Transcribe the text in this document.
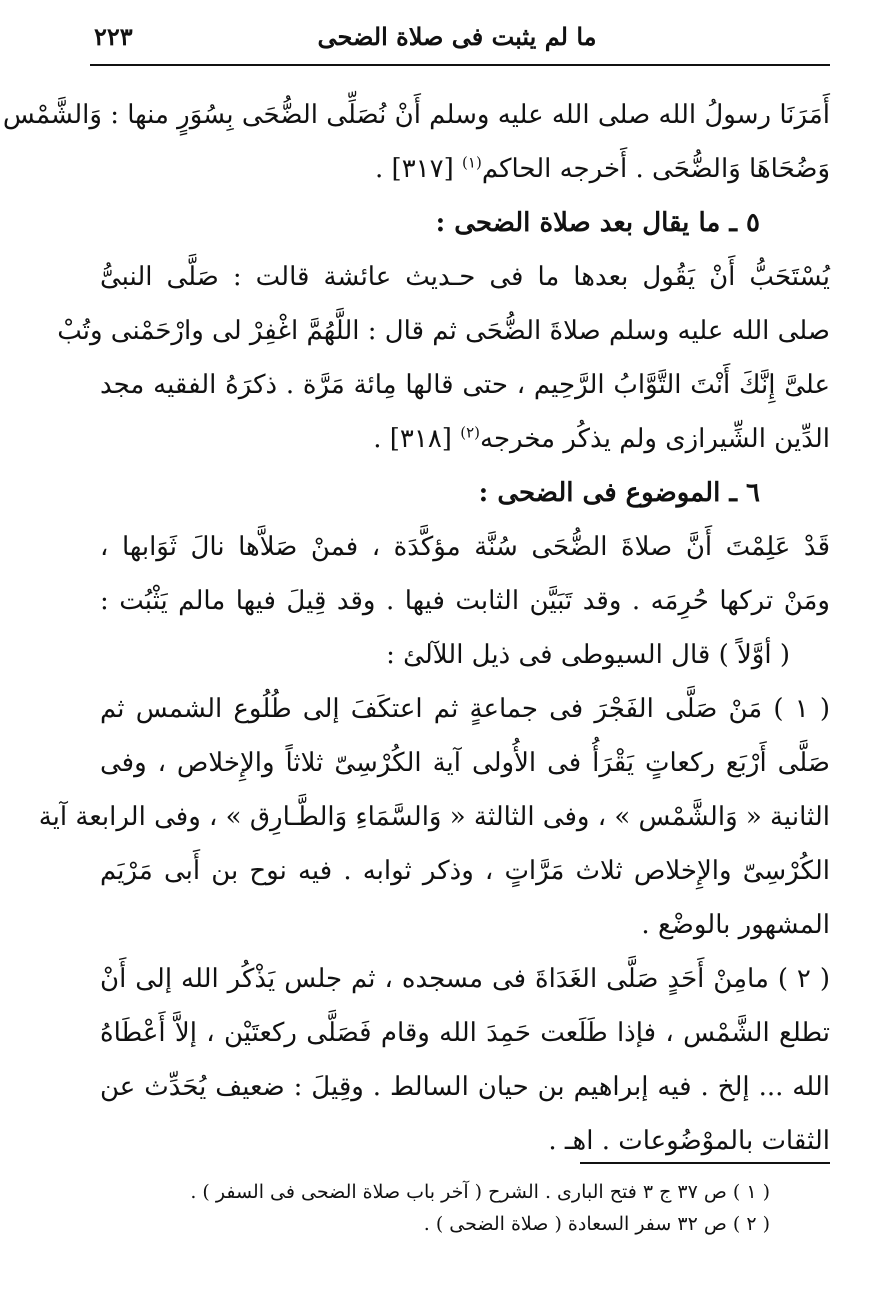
ما لم يثبت فى صلاة الضحى
٢٢٣
أَمَرَنَا رسولُ الله صلى الله عليه وسلم أَنْ نُصَلِّى الضُّحَى بِسُوَرٍ منها : وَالشَّمْس
وَضُحَاهَا وَالضُّحَى . أَخرجه الحاكم$^{(١)}$ [٣١٧] .
٥ ـ ما يقال بعد صلاة الضحى :
يُسْتَحَبُّ أَنْ يَقُول بعدها ما فى حـديث عائشة قالت : صَلَّى النبىُّ
صلى الله عليه وسلم صلاةَ الضُّحَى ثم قال : اللَّهُمَّ اغْفِرْ لى وارْحَمْنى وتُبْ
علىَّ إِنَّكَ أَنْتَ التَّوَّابُ الرَّحِيم ، حتى قالها مِائة مَرَّة . ذكرَهُ الفقيه مجد
الدِّين الشِّيرازى ولم يذكُر مخرجه$^{(٢)}$ [٣١٨] .
٦ ـ الموضوع فى الضحى :
قَدْ عَلِمْتَ أَنَّ صلاةَ الضُّحَى سُنَّة مؤكَّدَة ، فمنْ صَلاَّها نالَ ثَوَابها ،
ومَنْ تركها حُرِمَه . وقد تَبَيَّن الثابت فيها . وقد قِيلَ فيها مالم يَثْبُت :
( أوَّلاً ) قال السيوطى فى ذيل اللآلئ :
( ١ ) مَنْ صَلَّى الفَجْرَ فى جماعةٍ ثم اعتكَفَ إلى طُلُوع الشمس ثم
صَلَّى أَرْبَع ركعاتٍ يَقْرَأُ فى الأُولى آية الكُرْسِىّ ثلاثاً والإِخلاص ، وفى
الثانية « وَالشَّمْس » ، وفى الثالثة « وَالسَّمَاءِ وَالطَّـارِق » ، وفى الرابعة آية
الكُرْسِىّ والإِخلاص ثلاث مَرَّاتٍ ، وذكر ثوابه . فيه نوح بن أَبى مَرْيَم
المشهور بالوضْع .
( ٢ ) مامِنْ أَحَدٍ صَلَّى الغَدَاةَ فى مسجده ، ثم جلس يَذْكُر الله إلى أَنْ
تطلع الشَّمْس ، فإذا طَلَعت حَمِدَ الله وقام فَصَلَّى ركعتَيْن ، إلاَّ أَعْطَاهُ
الله ... إلخ . فيه إبراهيم بن حيان السالط . وقِيلَ : ضعيف يُحَدِّث عن
الثقات بالموْضُوعات . اهـ .
( ١ ) ص ٣٧ ج ٣ فتح البارى . الشرح ( آخر باب صلاة الضحى فى السفر ) .
( ٢ ) ص ٣٢ سفر السعادة ( صلاة الضحى ) .
